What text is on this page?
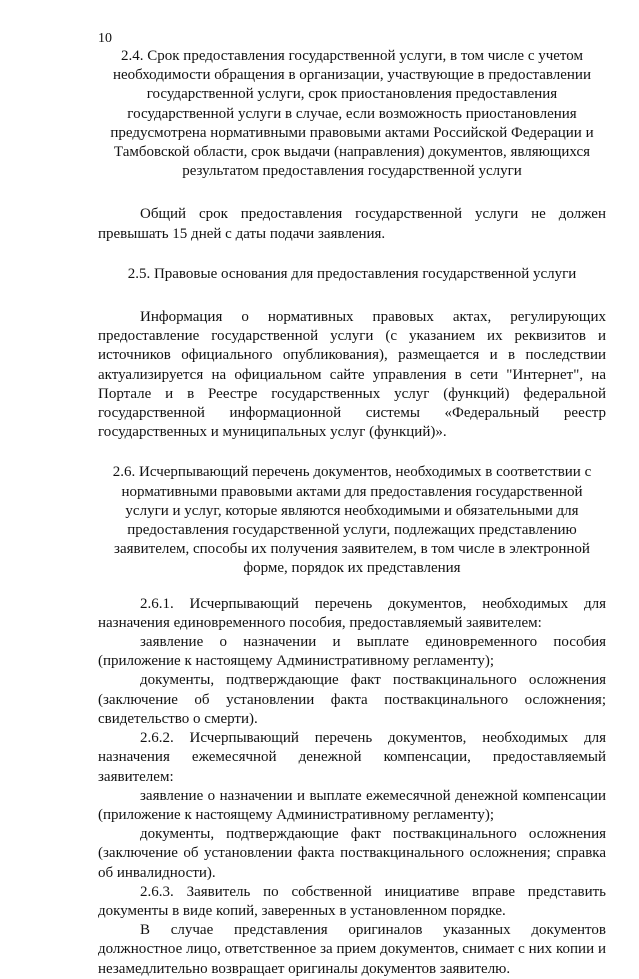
10

2.4. Срок предоставления государственной услуги, в том числе с учетом необходимости обращения в организации, участвующие в предоставлении государственной услуги, срок приостановления предоставления государственной услуги в случае, если возможность приостановления предусмотрена нормативными правовыми актами Российской Федерации и Тамбовской области, срок выдачи (направления) документов, являющихся результатом предоставления государственной услуги

Общий срок предоставления государственной услуги не должен превышать 15 дней с даты подачи заявления.

2.5. Правовые основания для предоставления государственной услуги

Информация о нормативных правовых актах, регулирующих предоставление государственной услуги (с указанием их реквизитов и источников официального опубликования), размещается и в последствии актуализируется на официальном сайте управления в сети "Интернет", на Портале и в Реестре государственных услуг (функций) федеральной государственной информационной системы «Федеральный реестр государственных и муниципальных услуг (функций)».

2.6. Исчерпывающий перечень документов, необходимых в соответствии с нормативными правовыми актами для предоставления государственной услуги и услуг, которые являются необходимыми и обязательными для предоставления государственной услуги, подлежащих представлению заявителем, способы их получения заявителем, в том числе в электронной форме, порядок их представления

2.6.1. Исчерпывающий перечень документов, необходимых для назначения единовременного пособия, предоставляемый заявителем:

заявление о назначении и выплате единовременного пособия (приложение к настоящему Административному регламенту);

документы, подтверждающие факт поствакцинального осложнения (заключение об установлении факта поствакцинального осложнения; свидетельство о смерти).

2.6.2. Исчерпывающий перечень документов, необходимых для назначения ежемесячной денежной компенсации, предоставляемый заявителем:

заявление о назначении и выплате ежемесячной денежной компенсации (приложение к настоящему Административному регламенту);

документы, подтверждающие факт поствакцинального осложнения (заключение об установлении факта поствакцинального осложнения; справка об инвалидности).

2.6.3. Заявитель по собственной инициативе вправе представить документы в виде копий, заверенных в установленном порядке.

В случае представления оригиналов указанных документов должностное лицо, ответственное за прием документов, снимает с них копии и незамедлительно возвращает оригиналы документов заявителю.
